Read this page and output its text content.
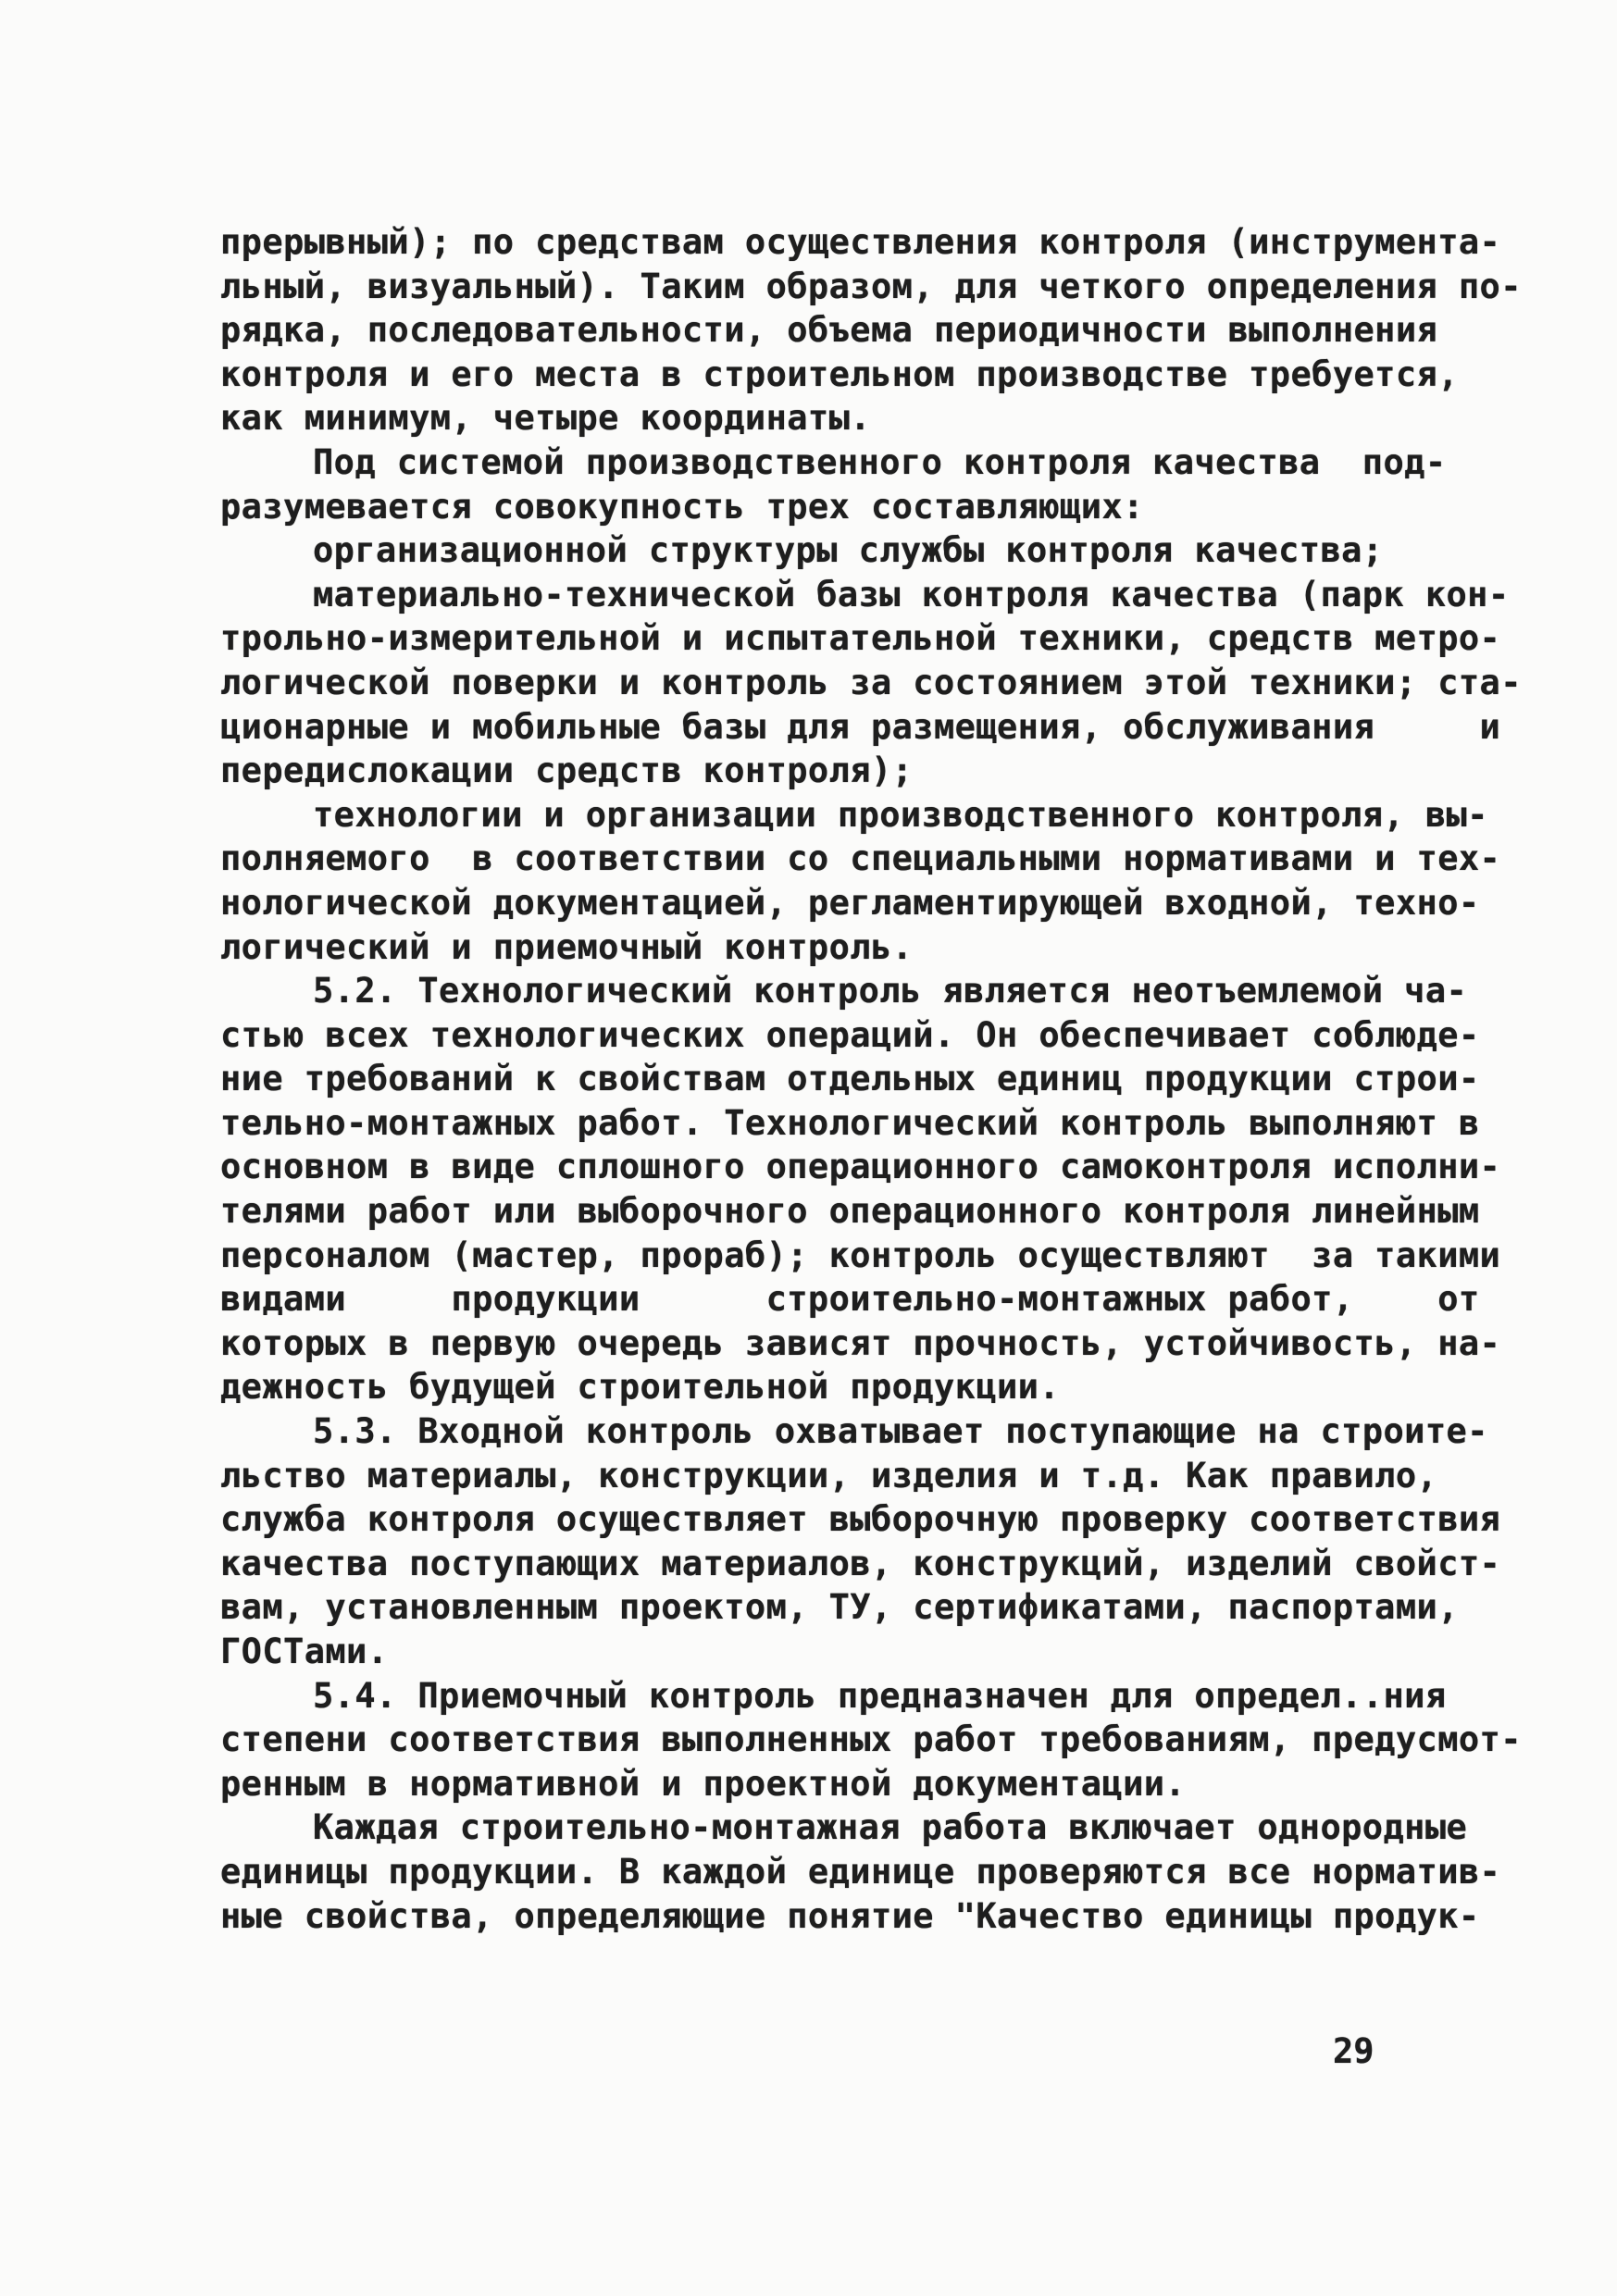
прерывный); по средствам осуществления контроля (инструмента-
льный, визуальный). Таким образом, для четкого определения по-
рядка, последовательности, объема периодичности выполнения
контроля и его места в строительном производстве требуется,
как минимум, четыре координаты.
Под системой производственного контроля качества  под-
разумевается совокупность трех составляющих:
организационной структуры службы контроля качества;
материально-технической базы контроля качества (парк кон-
трольно-измерительной и испытательной техники, средств метро-
логической поверки и контроль за состоянием этой техники; ста-
ционарные и мобильные базы для размещения, обслуживания     и
передислокации средств контроля);
технологии и организации производственного контроля, вы-
полняемого  в соответствии со специальными нормативами и тех-
нологической документацией, регламентирующей входной, техно-
логический и приемочный контроль.
5.2. Технологический контроль является неотъемлемой ча-
стью всех технологических операций. Он обеспечивает соблюде-
ние требований к свойствам отдельных единиц продукции строи-
тельно-монтажных работ. Технологический контроль выполняют в
основном в виде сплошного операционного самоконтроля исполни-
телями работ или выборочного операционного контроля линейным
персоналом (мастер, прораб); контроль осуществляют  за такими
видами     продукции      строительно-монтажных работ,    от
которых в первую очередь зависят прочность, устойчивость, на-
дежность будущей строительной продукции.
5.3. Входной контроль охватывает поступающие на строите-
льство материалы, конструкции, изделия и т.д. Как правило,
служба контроля осуществляет выборочную проверку соответствия
качества поступающих материалов, конструкций, изделий свойст-
вам, установленным проектом, ТУ, сертификатами, паспортами,
ГОСТами.
5.4. Приемочный контроль предназначен для определ..ния
степени соответствия выполненных работ требованиям, предусмот-
ренным в нормативной и проектной документации.
Каждая строительно-монтажная работа включает однородные
единицы продукции. В каждой единице проверяются все норматив-
ные свойства, определяющие понятие "Качество единицы продук-
29
